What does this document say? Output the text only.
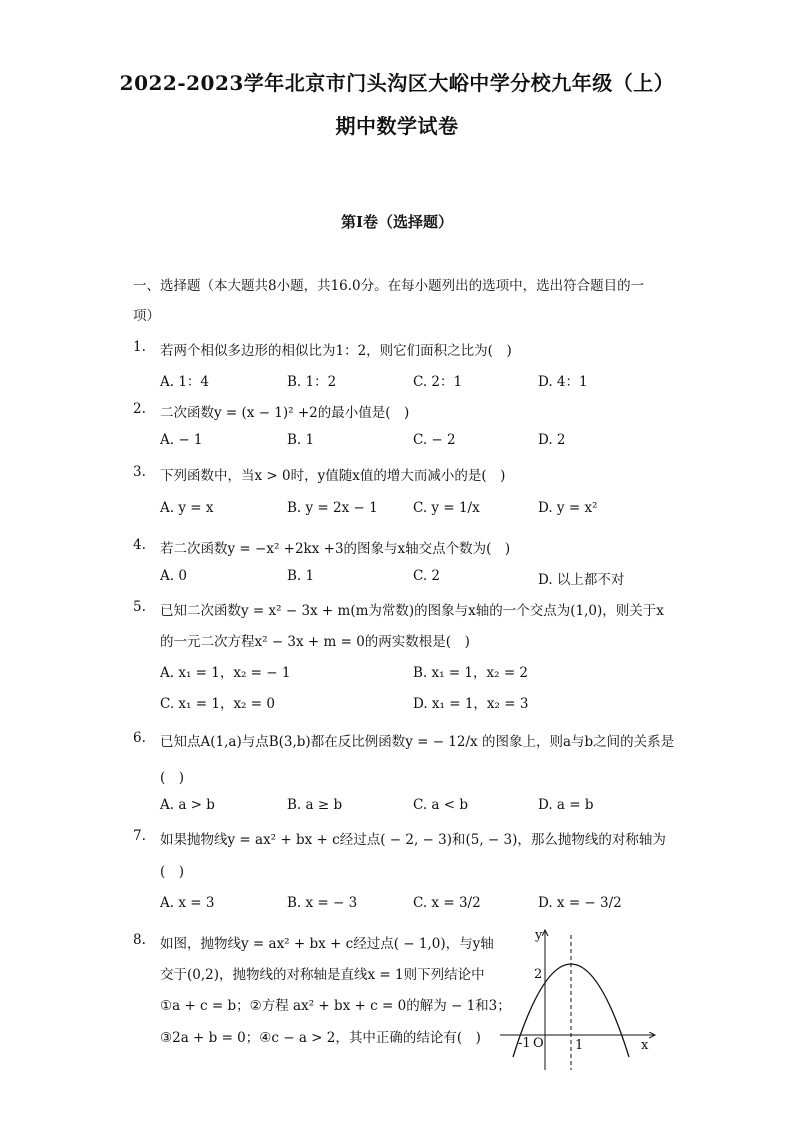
2022-2023学年北京市门头沟区大峪中学分校九年级（上）
期中数学试卷
第Ⅰ卷（选择题）
一、选择题（本大题共8小题，共16.0分。在每小题列出的选项中，选出符合题目的一项）
1. 若两个相似多边形的相似比为1：2，则它们面积之比为(　)
A. 1：4	B. 1：2	C. 2：1	D. 4：1
2. 二次函数y = (x − 1)² +2的最小值是(　)
A. − 1	B. 1	C. − 2	D. 2
3. 下列函数中，当x > 0时，y值随x值的增大而减小的是(　)
A. y = x	B. y = 2x − 1	C. y = 1/x	D. y = x²
4. 若二次函数y = −x² +2kx +3的图象与x轴交点个数为(　)
A. 0	B. 1	C. 2	D. 以上都不对
5. 已知二次函数y = x² − 3x + m(m为常数)的图象与x轴的一个交点为(1,0)，则关于x
的一元二次方程x² − 3x + m = 0的两实数根是(　)
A. x₁ = 1，x₂ = − 1	B. x₁ = 1，x₂ = 2
C. x₁ = 1，x₂ = 0	D. x₁ = 1，x₂ = 3
6. 已知点A(1,a)与点B(3,b)都在反比例函数y = − 12/x 的图象上，则a与b之间的关系是
(　)
A. a > b	B. a ≥ b	C. a < b	D. a = b
7. 如果抛物线y = ax² + bx + c经过点( − 2, − 3)和(5, − 3)，那么抛物线的对称轴为
(　)
A. x = 3	B. x = − 3	C. x = 3/2	D. x = − 3/2
8. 如图，抛物线y = ax² + bx + c经过点( − 1,0)，与y轴
交于(0,2)，抛物线的对称轴是直线x = 1则下列结论中
①a + c = b；②方程 ax² + bx + c = 0的解为 − 1和3；
③2a + b = 0；④c − a > 2，其中正确的结论有(　)
y
x
2
-1 O 1
